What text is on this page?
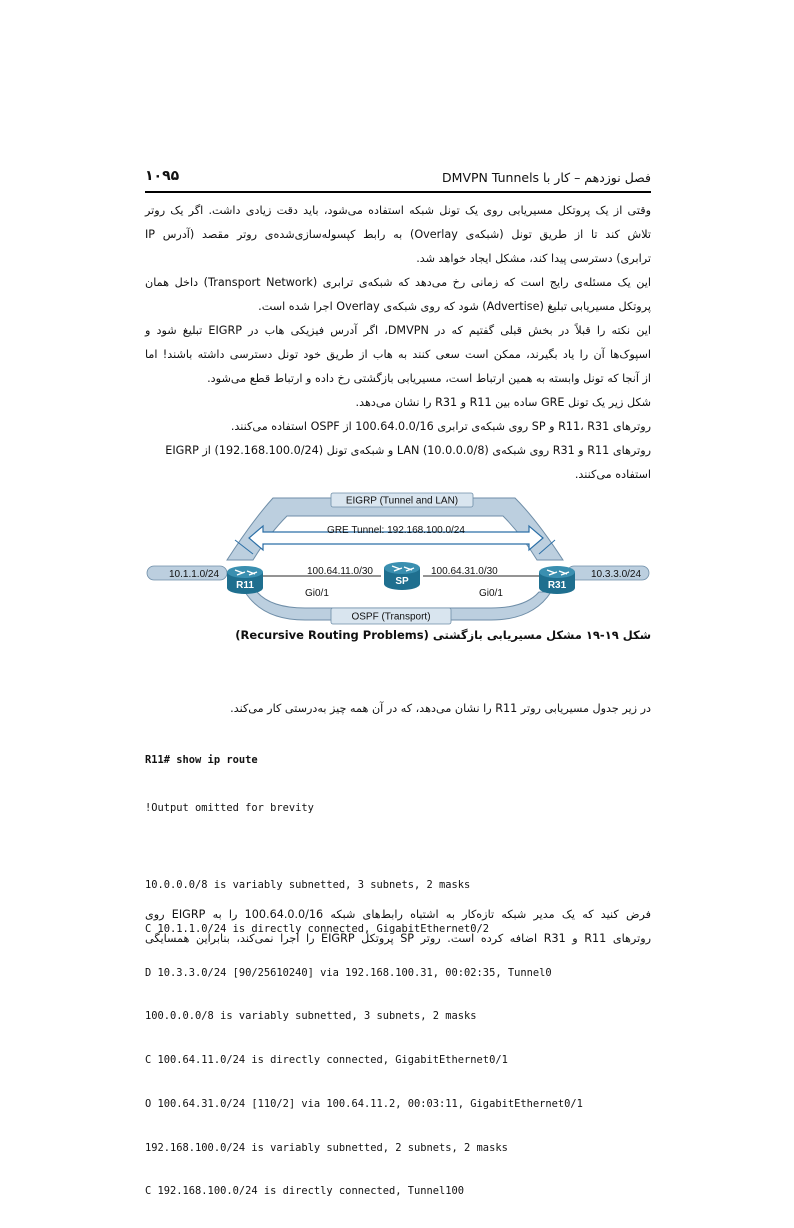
فصل نوزدهم – کار با DMVPN Tunnels
۱۰۹۵
وقتی از یک پروتکل مسیریابی روی یک تونل شبکه استفاده می‌شود، باید دقت زیادی داشت. اگر یک روتر
تلاش کند تا از طریق تونل (شبکه‌ی Overlay) به رابط کپسوله‌سازی‌شده‌ی روتر مقصد (آدرس IP
ترابری) دسترسی پیدا کند، مشکل ایجاد خواهد شد.
این یک مسئله‌ی رایج است که زمانی رخ می‌دهد که شبکه‌ی ترابری (Transport Network) داخل همان
پروتکل مسیریابی تبلیغ (Advertise) شود که روی شبکه‌ی Overlay اجرا شده است.
این نکته را قبلاً در بخش قبلی گفتیم که در DMVPN، اگر آدرس فیزیکی هاب در EIGRP تبلیغ شود و
اسپوک‌ها آن را یاد بگیرند، ممکن است سعی کنند به هاب از طریق خود تونل دسترسی داشته باشند! اما
از آنجا که تونل وابسته به همین ارتباط است، مسیریابی بازگشتی رخ داده و ارتباط قطع می‌شود.
شکل زیر یک تونل GRE ساده بین R11 و R31 را نشان می‌دهد.
روترهای R11، R31 و SP روی شبکه‌ی ترابری 100.64.0.0/16 از OSPF استفاده می‌کنند.
روترهای R11 و R31 روی شبکه‌ی LAN (10.0.0.0/8) و شبکه‌ی تونل (192.168.100.0/24) از EIGRP
استفاده می‌کنند.
EIGRP (Tunnel and LAN)
GRE Tunnel: 192.168.100.0/24
10.1.1.0/24	10.3.3.0/24
100.64.11.0/30	100.64.31.0/30
Gi0/1	Gi0/1
OSPF (Transport)
R11	SP	R31
شکل ۱۹-۱۹ مشکل مسیریابی بازگشتی (Recursive Routing Problems)
در زیر جدول مسیریابی روتر R11 را نشان می‌دهد، که در آن همه چیز به‌درستی کار می‌کند.

R11# show ip route

!Output omitted for brevity

10.0.0.0/8 is variably subnetted, 3 subnets, 2 masks

C 10.1.1.0/24 is directly connected, GigabitEthernet0/2

D 10.3.3.0/24 [90/25610240] via 192.168.100.31, 00:02:35, Tunnel0

100.0.0.0/8 is variably subnetted, 3 subnets, 2 masks

C 100.64.11.0/24 is directly connected, GigabitEthernet0/1

O 100.64.31.0/24 [110/2] via 100.64.11.2, 00:03:11, GigabitEthernet0/1

192.168.100.0/24 is variably subnetted, 2 subnets, 2 masks

C 192.168.100.0/24 is directly connected, Tunnel100

فرض کنید که یک مدیر شبکه تازه‌کار به اشتباه رابط‌های شبکه 100.64.0.0/16 را به EIGRP روی
روترهای R11 و R31 اضافه کرده است. روتر SP پروتکل EIGRP را اجرا نمی‌کند، بنابراین همسایگی
